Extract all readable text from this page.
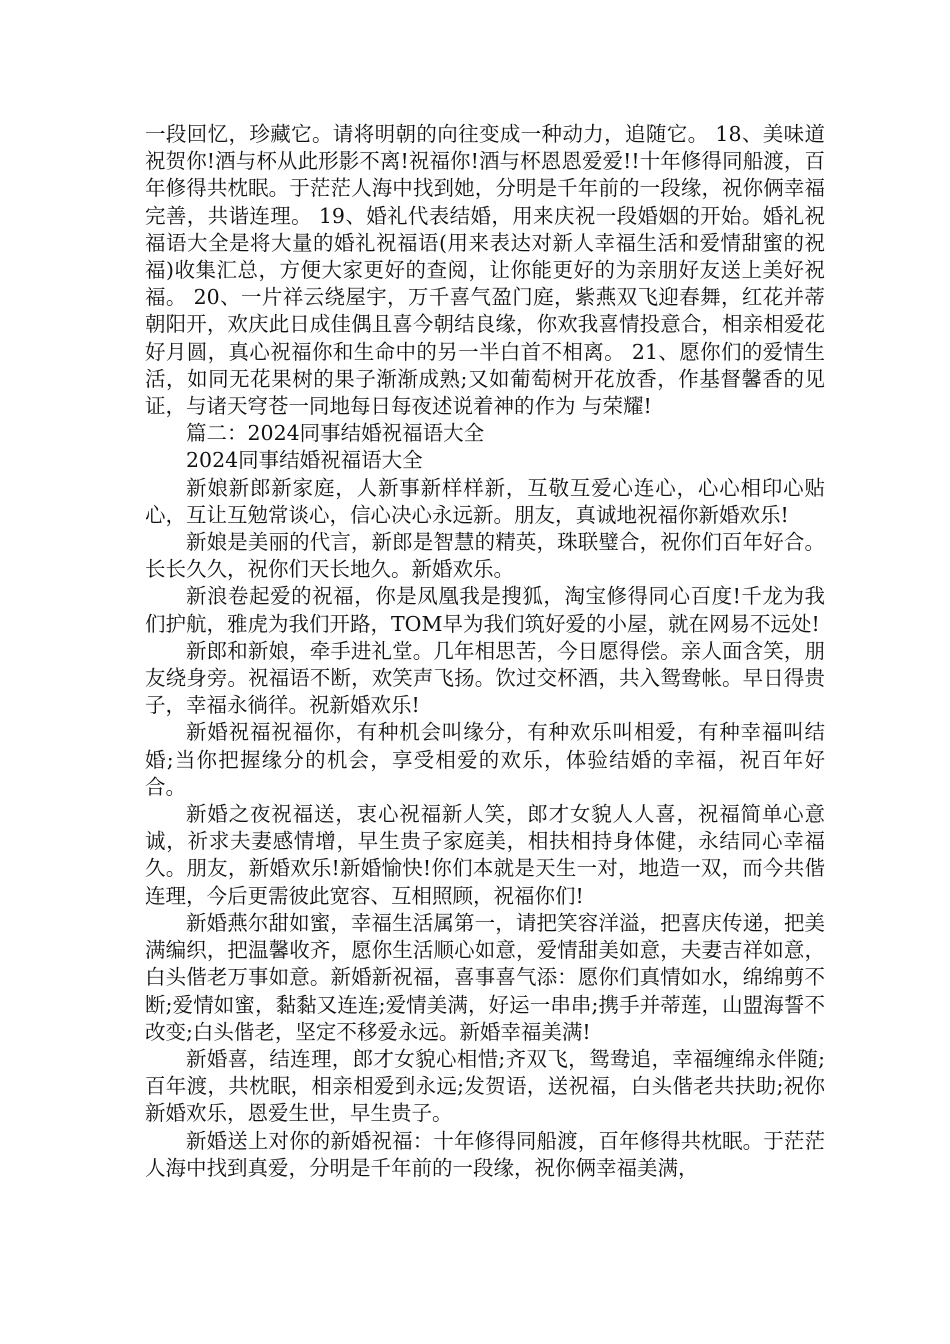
一段回忆，珍藏它。请将明朝的向往变成一种动力，追随它。 18、美味道祝贺你!酒与杯从此形影不离!祝福你!酒与杯恩恩爱爱!!十年修得同船渡，百年修得共枕眠。于茫茫人海中找到她，分明是千年前的一段缘，祝你俩幸福完善，共谐连理。 19、婚礼代表结婚，用来庆祝一段婚姻的开始。婚礼祝福语大全是将大量的婚礼祝福语(用来表达对新人幸福生活和爱情甜蜜的祝福)收集汇总，方便大家更好的查阅，让你能更好的为亲朋好友送上美好祝福。 20、一片祥云绕屋宇，万千喜气盈门庭，紫燕双飞迎春舞，红花并蒂朝阳开，欢庆此日成佳偶且喜今朝结良缘，你欢我喜情投意合，相亲相爱花好月圆，真心祝福你和生命中的另一半白首不相离。 21、愿你们的爱情生活，如同无花果树的果子渐渐成熟;又如葡萄树开花放香，作基督馨香的见证，与诸天穹苍一同地每日每夜述说着神的作为 与荣耀!

篇二：2024同事结婚祝福语大全

2024同事结婚祝福语大全

新娘新郎新家庭，人新事新样样新，互敬互爱心连心，心心相印心贴心，互让互勉常谈心，信心决心永远新。朋友，真诚地祝福你新婚欢乐!

新娘是美丽的代言，新郎是智慧的精英，珠联璧合，祝你们百年好合。长长久久，祝你们天长地久。新婚欢乐。

新浪卷起爱的祝福，你是凤凰我是搜狐，淘宝修得同心百度!千龙为我们护航，雅虎为我们开路，TOM早为我们筑好爱的小屋，就在网易不远处!

新郎和新娘，牵手进礼堂。几年相思苦，今日愿得偿。亲人面含笑，朋友绕身旁。祝福语不断，欢笑声飞扬。饮过交杯酒，共入鸳鸯帐。早日得贵子，幸福永徜徉。祝新婚欢乐!

新婚祝福祝福你，有种机会叫缘分，有种欢乐叫相爱，有种幸福叫结婚;当你把握缘分的机会，享受相爱的欢乐，体验结婚的幸福，祝百年好合。

新婚之夜祝福送，衷心祝福新人笑，郎才女貌人人喜，祝福简单心意诚，祈求夫妻感情增，早生贵子家庭美，相扶相持身体健，永结同心幸福久。朋友，新婚欢乐!新婚愉快!你们本就是天生一对，地造一双，而今共偕连理，今后更需彼此宽容、互相照顾，祝福你们!

新婚燕尔甜如蜜，幸福生活属第一，请把笑容洋溢，把喜庆传递，把美满编织，把温馨收齐，愿你生活顺心如意，爱情甜美如意，夫妻吉祥如意，白头偕老万事如意。新婚新祝福，喜事喜气添：愿你们真情如水，绵绵剪不断;爱情如蜜，黏黏又连连;爱情美满，好运一串串;携手并蒂莲，山盟海誓不改变;白头偕老，坚定不移爱永远。新婚幸福美满!

新婚喜，结连理，郎才女貌心相惜;齐双飞，鸳鸯追，幸福缠绵永伴随;百年渡，共枕眠，相亲相爱到永远;发贺语，送祝福，白头偕老共扶助;祝你新婚欢乐，恩爱生世，早生贵子。

新婚送上对你的新婚祝福：十年修得同船渡，百年修得共枕眠。于茫茫人海中找到真爱，分明是千年前的一段缘，祝你俩幸福美满，
